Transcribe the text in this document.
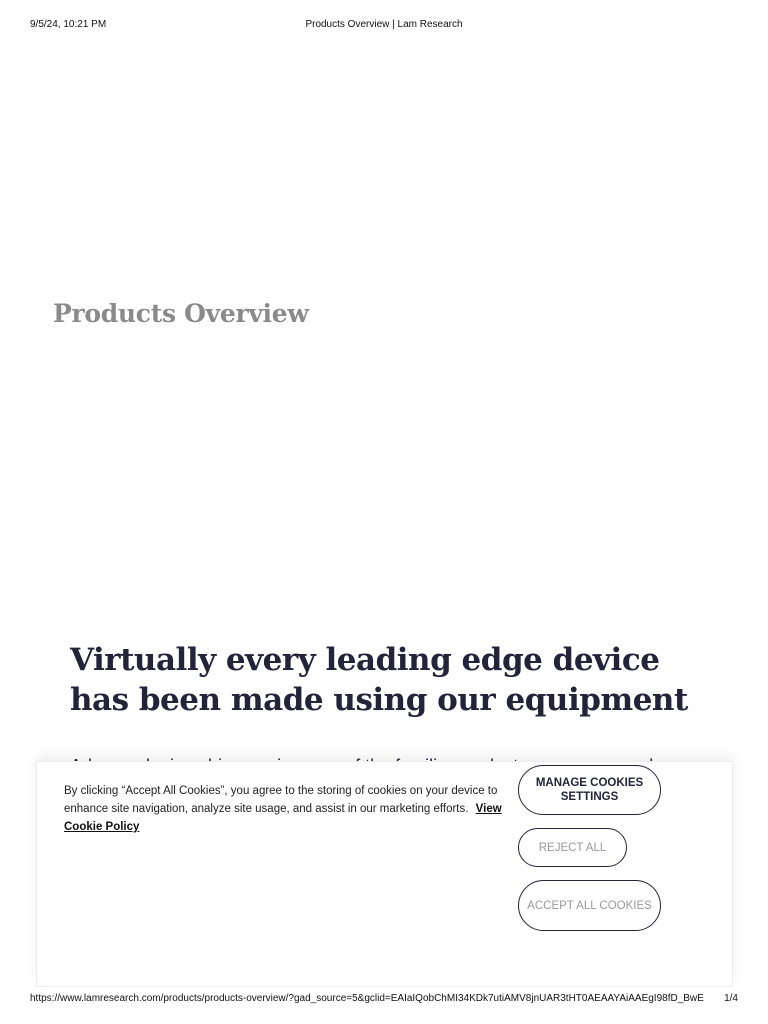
9/5/24, 10:21 PM	Products Overview | Lam Research
Products Overview
Virtually every leading edge device has been made using our equipment

By clicking “Accept All Cookies”, you agree to the storing of cookies on your device to enhance site navigation, analyze site usage, and assist in our marketing efforts. View Cookie Policy

MANAGE COOKIES SETTINGS
REJECT ALL
ACCEPT ALL COOKIES
https://www.lamresearch.com/products/products-overview/?gad_source=5&gclid=EAIaIQobChMI34KDk7utiAMV8jnUAR3tHT0AEAAYAiAAEgI98fD_BwE	1/4
